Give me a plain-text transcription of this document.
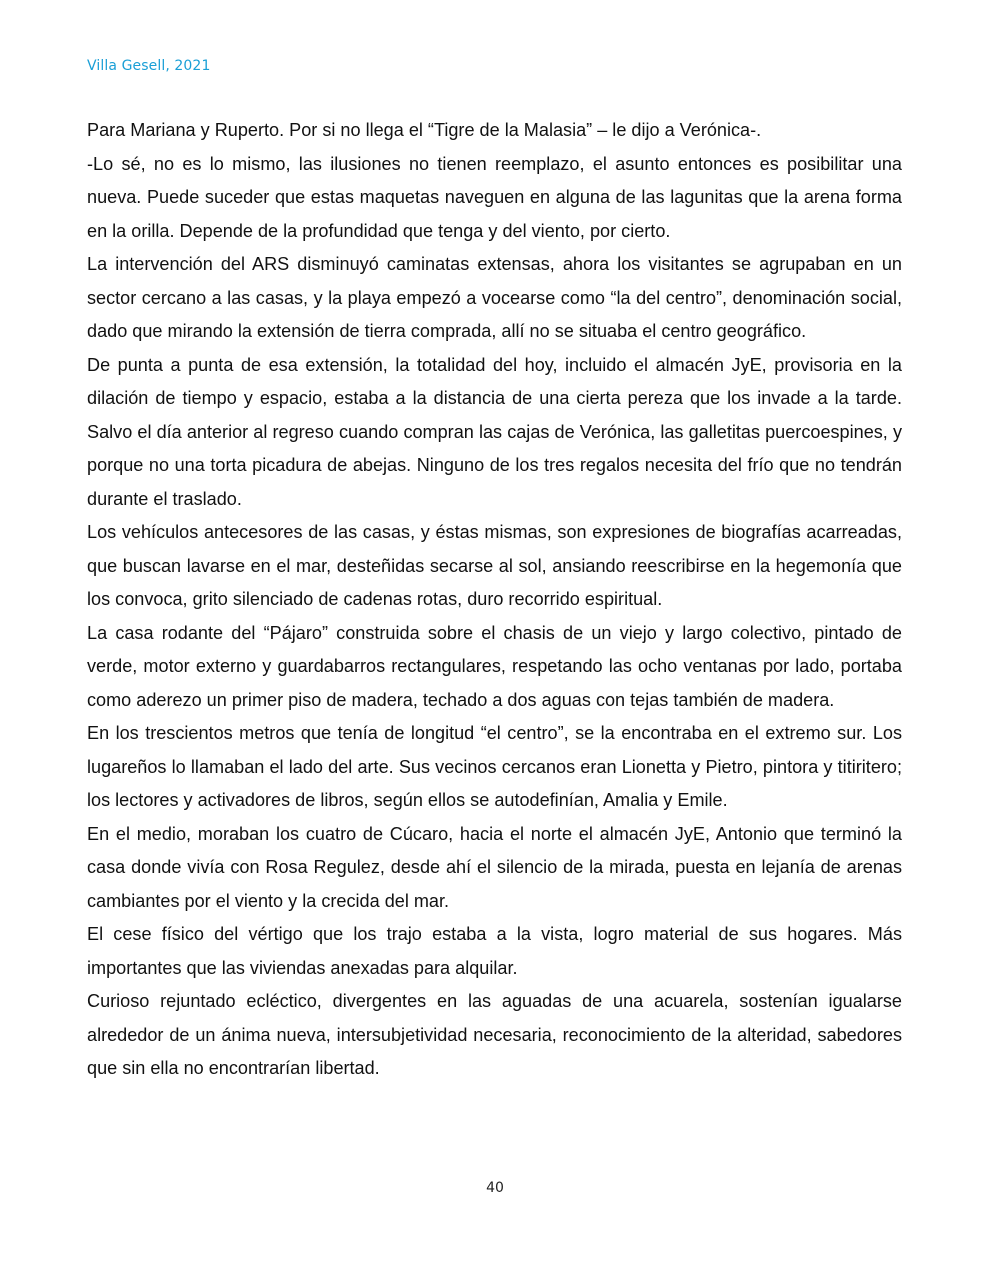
Villa Gesell, 2021

Para Mariana y Ruperto. Por si no llega el “Tigre de la Malasia” – le dijo a Verónica-.

-Lo sé, no es lo mismo, las ilusiones no tienen reemplazo, el asunto entonces es posibilitar una nueva. Puede suceder que estas maquetas naveguen en alguna de las lagunitas que la arena forma en la orilla. Depende de la profundidad que tenga y del viento, por cierto.

La intervención del ARS disminuyó caminatas extensas, ahora los visitantes se agrupaban en un sector cercano a las casas, y la playa empezó a vocearse como “la del centro”, denominación social, dado que mirando la extensión de tierra comprada, allí no se situaba el centro geográfico.

De punta a punta de esa extensión, la totalidad del hoy, incluido el almacén JyE, provisoria en la dilación de tiempo y espacio, estaba a la distancia de una cierta pereza que los invade a la tarde. Salvo el día anterior al regreso cuando compran las cajas de Verónica, las galletitas puercoespines, y porque no una torta picadura de abejas. Ninguno de los tres regalos necesita del frío que no tendrán durante el traslado.

Los vehículos antecesores de las casas, y éstas mismas, son expresiones de biografías acarreadas, que buscan lavarse en el mar, desteñidas secarse al sol, ansiando reescribirse en la hegemonía que los convoca, grito silenciado de cadenas rotas, duro recorrido espiritual.

La casa rodante del “Pájaro” construida sobre el chasis de un viejo y largo colectivo, pintado de verde, motor externo y guardabarros rectangulares, respetando las ocho ventanas por lado, portaba como aderezo un primer piso de madera, techado a dos aguas con tejas también de madera.

En los trescientos metros que tenía de longitud “el centro”, se la encontraba en el extremo sur. Los lugareños lo llamaban el lado del arte. Sus vecinos cercanos eran Lionetta y Pietro, pintora y titiritero; los lectores y activadores de libros, según ellos se autodefinían, Amalia y Emile.

En el medio, moraban los cuatro de Cúcaro, hacia el norte el almacén JyE, Antonio que terminó la casa donde vivía con Rosa Regulez, desde ahí el silencio de la mirada, puesta en lejanía de arenas cambiantes por el viento y la crecida del mar.

El cese físico del vértigo que los trajo estaba a la vista, logro material de sus hogares. Más importantes que las viviendas anexadas para alquilar.

Curioso rejuntado ecléctico, divergentes en las aguadas de una acuarela, sostenían igualarse alrededor de un ánima nueva, intersubjetividad necesaria, reconocimiento de la alteridad, sabedores que sin ella no encontrarían libertad.

40
